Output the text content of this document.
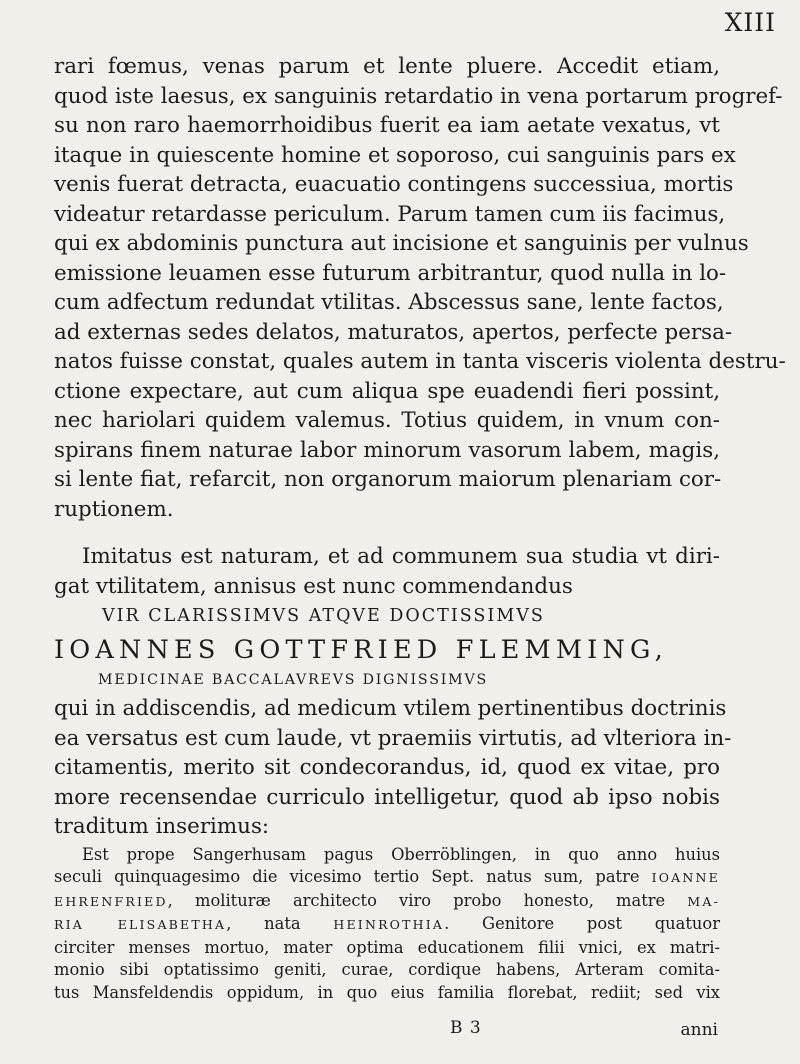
XIII
rari fœmus, venas parum et lente pluere. Accedit etiam,
quod iste laesus, ex sanguinis retardatio in vena portarum progref-
su non raro haemorrhoidibus fuerit ea iam aetate vexatus, vt
itaque in quiescente homine et soporoso, cui sanguinis pars ex
venis fuerat detracta, euacuatio contingens successiua, mortis
videatur retardasse periculum. Parum tamen cum iis facimus,
qui ex abdominis punctura aut incisione et sanguinis per vulnus
emissione leuamen esse futurum arbitrantur, quod nulla in lo-
cum adfectum redundat vtilitas. Abscessus sane, lente factos,
ad externas sedes delatos, maturatos, apertos, perfecte persa-
natos fuisse constat, quales autem in tanta visceris violenta destru-
ctione expectare, aut cum aliqua spe euadendi fieri possint,
nec hariolari quidem valemus. Totius quidem, in vnum con-
spirans finem naturae labor minorum vasorum labem, magis,
si lente fiat, refarcit, non organorum maiorum plenariam cor-
ruptionem.
Imitatus est naturam, et ad communem sua studia vt diri-
gat vtilitatem, annisus est nunc commendandus
VIR CLARISSIMVS ATQVE DOCTISSIMVS
IOANNES GOTTFRIED FLEMMING,
MEDICINAE BACCALAVREVS DIGNISSIMVS
qui in addiscendis, ad medicum vtilem pertinentibus doctrinis
ea versatus est cum laude, vt praemiis virtutis, ad vlteriora in-
citamentis, merito sit condecorandus, id, quod ex vitae, pro
more recensendae curriculo intelligetur, quod ab ipso nobis
traditum inserimus:
Est prope Sangerhusam pagus Oberröblingen, in quo anno huius
seculi quinquagesimo die vicesimo tertio Sept. natus sum, patre IOANNE
EHRENFRIED, molituræ architecto viro probo honesto, matre MA-
RIA ELISABETHA, nata	HEINROTHIA. Genitore post quatuor
circiter menses mortuo, mater optima educationem filii vnici, ex matri-
monio sibi optatissimo geniti, curae, cordique habens, Arteram comita-
tus Mansfeldendis oppidum, in quo eius familia florebat, rediit; sed vix
B 3	anni
